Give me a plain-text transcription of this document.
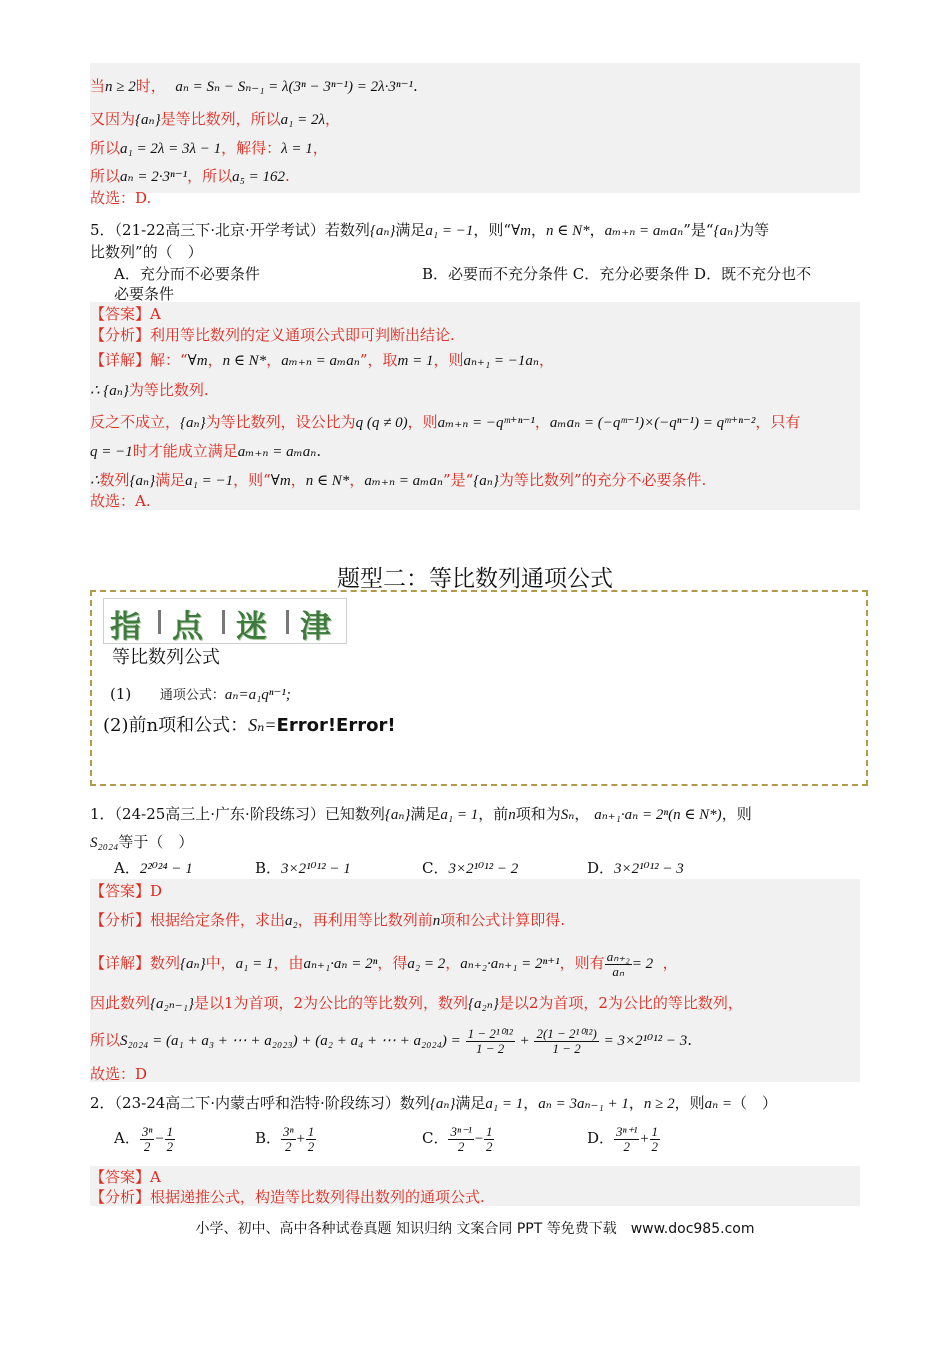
当n ≥ 2时， aₙ = Sₙ − Sₙ₋₁ = λ(3ⁿ − 3ⁿ⁻¹) = 2λ·3ⁿ⁻¹.
又因为{aₙ}是等比数列，所以a₁ = 2λ，
所以a₁ = 2λ = 3λ − 1，解得：λ = 1，
所以aₙ = 2·3ⁿ⁻¹，所以a₅ = 162.
故选：D.
5．（21-22高三下·北京·开学考试）若数列{aₙ}满足a₁ = −1，则“∀m，n ∈ N*，aₘ₊ₙ = aₘaₙ”是“{aₙ}为等
比数列”的（　）
A．充分而不必要条件	B．必要而不充分条件 C．充分必要条件 D．既不充分也不
必要条件
【答案】A
【分析】利用等比数列的定义通项公式即可判断出结论.
【详解】解：“∀m，n ∈ N*，aₘ₊ₙ = aₘaₙ”，取m = 1，则aₙ₊₁ = −1aₙ，
∴ {aₙ}为等比数列.
反之不成立，{aₙ}为等比数列，设公比为q (q ≠ 0)，则aₘ₊ₙ = −qᵐ⁺ⁿ⁻¹，aₘaₙ = (−qᵐ⁻¹)×(−qⁿ⁻¹) = qᵐ⁺ⁿ⁻²，只有
q = −1时才能成立满足aₘ₊ₙ = aₘaₙ.
∴数列{aₙ}满足a₁ = −1，则“∀m，n ∈ N*，aₘ₊ₙ = aₘaₙ”是“{aₙ}为等比数列”的充分不必要条件.
故选：A.
题型二：等比数列通项公式
指 点 迷 津
等比数列公式
(1) 通项公式：aₙ=a₁qⁿ⁻¹;
(2)前n项和公式：Sₙ=Error!Error!
1．（24-25高三上·广东·阶段练习）已知数列{aₙ}满足a₁ = 1，前n项和为Sₙ， aₙ₊₁·aₙ = 2ⁿ(n ∈ N*)，则
S₂₀₂₄等于（　）
A．2²⁰²⁴ − 1	B．3×2¹⁰¹² − 1	C．3×2¹⁰¹² − 2	D．3×2¹⁰¹² − 3
【答案】D
【分析】根据给定条件，求出a₂，再利用等比数列前n项和公式计算即得.
【详解】数列{aₙ}中，a₁ = 1，由aₙ₊₁·aₙ = 2ⁿ，得a₂ = 2，aₙ₊₂·aₙ₊₁ = 2ⁿ⁺¹，则有 $\frac{\text{aₙ₊₂}}{\text{aₙ}} = 2$ ，
因此数列{a₂ₙ₋₁}是以1为首项，2为公比的等比数列，数列{a₂ₙ}是以2为首项，2为公比的等比数列，
所以S₂₀₂₄ = (a₁ + a₃ + ⋯ + a₂₀₂₃) + (a₂ + a₄ + ⋯ + $a_{2024}) = \frac{\text{1 − 2¹⁰¹²}}{1 - 2} + \frac{\text{2(1 − 2¹⁰¹²)}}{1 - 2} = 3\times 2^{1012} - 3$.
故选：D
2．（23-24高二下·内蒙古呼和浩特·阶段练习）数列{aₙ}满足a₁ = 1，aₙ = 3aₙ₋₁ + 1，n ≥ 2，则aₙ =（　）
A． $\frac{\text{3ⁿ}}{2} - \frac{1}{2}$	B． $\frac{\text{3ⁿ}}{2} + \frac{1}{2}$	C． $\frac{\text{3ⁿ⁻¹}}{2} - \frac{1}{2}$	D． $\frac{\text{3ⁿ⁺¹}}{2} + \frac{1}{2}$
【答案】A
【分析】根据递推公式，构造等比数列得出数列的通项公式.
小学、初中、高中各种试卷真题 知识归纳 文案合同 PPT 等免费下载　www.doc985.com
